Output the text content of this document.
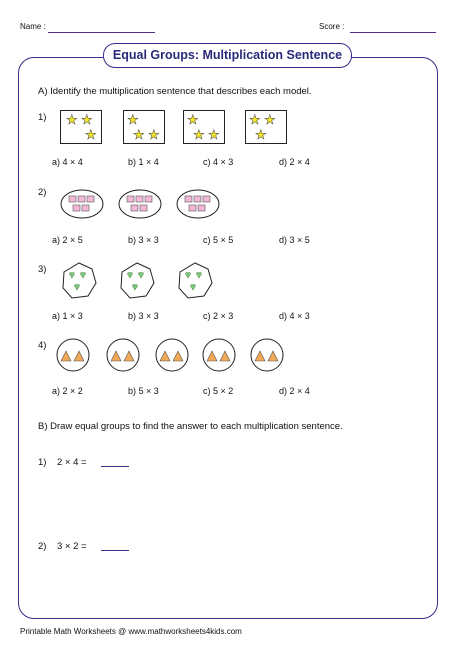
Name :	Score :
Equal Groups: Multiplication Sentence
A) Identify the multiplication sentence that describes each model.
1) ★ ★
★
★
★ ★
★
★ ★
★ ★
★
a) 4 × 4	b) 1 × 4	c) 4 × 3	d) 2 × 4
2)
a) 2 × 5	b) 3 × 3	c) 5 × 5	d) 3 × 5
3)
♥ ♥
♥
♥ ♥
♥
♥ ♥
♥
a) 1 × 3	b) 3 × 3	c) 2 × 3	d) 4 × 3
4)
a) 2 × 2	b) 5 × 3	c) 5 × 2	d) 2 × 4
B) Draw equal groups to find the answer to each multiplication sentence.
1) 2 × 4 =
2) 3 × 2 =
Printable Math Worksheets @ www.mathworksheets4kids.com
